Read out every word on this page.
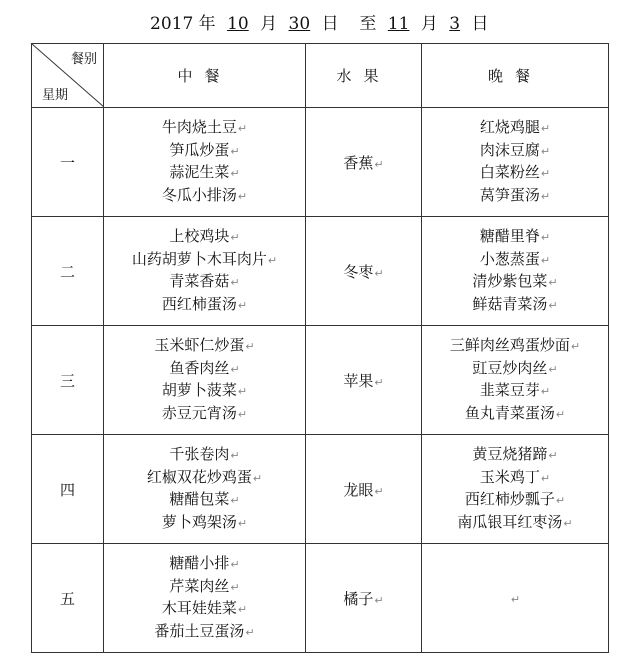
2017 年 10 月 30 日 至 11 月 3 日
餐别
星期	中餐	水果	晚餐
一	牛肉烧土豆↵
笋瓜炒蛋↵
蒜泥生菜↵
冬瓜小排汤↵	香蕉↵	红烧鸡腿↵
肉沫豆腐↵
白菜粉丝↵
莴笋蛋汤↵

二	上校鸡块↵
山药胡萝卜木耳肉片↵
青菜香菇↵
西红柿蛋汤↵	冬枣↵	糖醋里脊↵
小葱蒸蛋↵
清炒紫包菜↵
鲜菇青菜汤↵

三	玉米虾仁炒蛋↵
鱼香肉丝↵
胡萝卜菠菜↵
赤豆元宵汤↵	苹果↵	三鲜肉丝鸡蛋炒面↵
豇豆炒肉丝↵
韭菜豆芽↵
鱼丸青菜蛋汤↵

四	千张卷肉↵
红椒双花炒鸡蛋↵
糖醋包菜↵
萝卜鸡架汤↵	龙眼↵	黄豆烧猪蹄↵
玉米鸡丁↵
西红柿炒瓢子↵
南瓜银耳红枣汤↵

五	糖醋小排↵
芹菜肉丝↵
木耳娃娃菜↵
番茄土豆蛋汤↵	橘子↵	↵
